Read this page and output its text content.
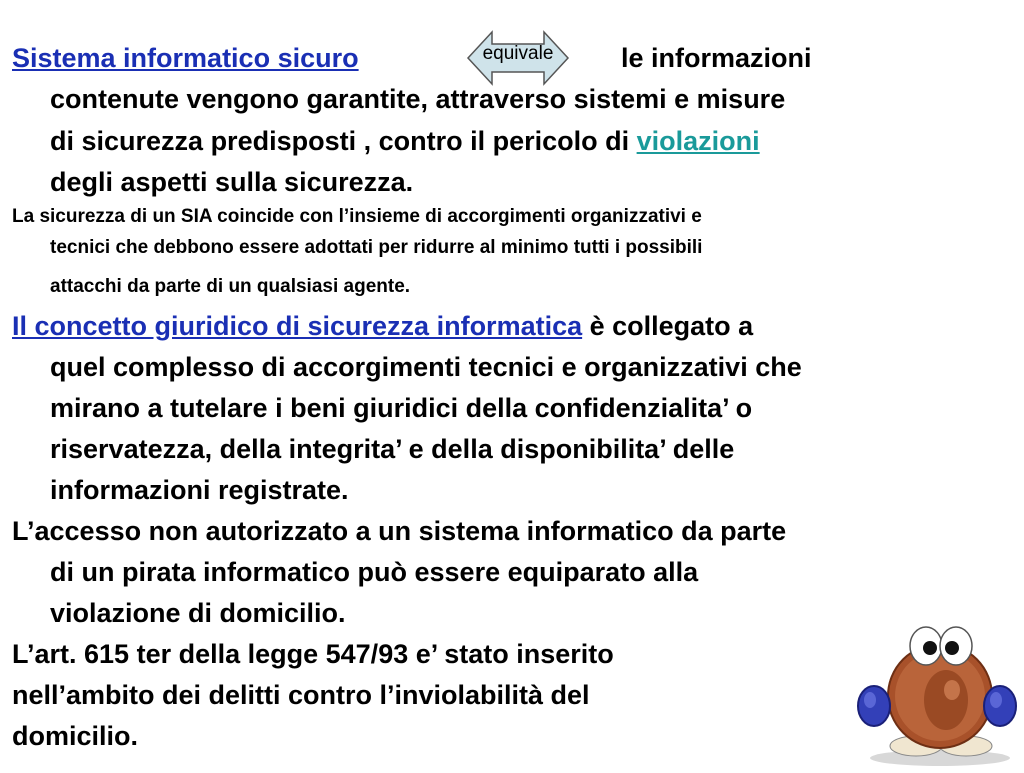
Sistema informatico sicuro	equivale	le informazioni
contenute vengono garantite, attraverso sistemi e misure
di sicurezza predisposti , contro il pericolo di violazioni
degli aspetti sulla sicurezza.
La sicurezza di un SIA coincide con l’insieme di accorgimenti organizzativi e
tecnici che debbono essere adottati per ridurre al minimo tutti i possibili
attacchi da parte di un qualsiasi agente.
Il concetto giuridico di sicurezza informatica è collegato a
quel complesso di accorgimenti tecnici e organizzativi che
mirano a tutelare i beni giuridici della confidenzialita’ o
riservatezza, della integrita’ e della disponibilita’ delle
informazioni registrate.
L’accesso non autorizzato a un sistema informatico da parte
di un pirata informatico può essere equiparato alla
violazione di domicilio.
L’art. 615 ter della legge 547/93 e’ stato inserito
nell’ambito dei delitti contro l’inviolabilità del
domicilio.
